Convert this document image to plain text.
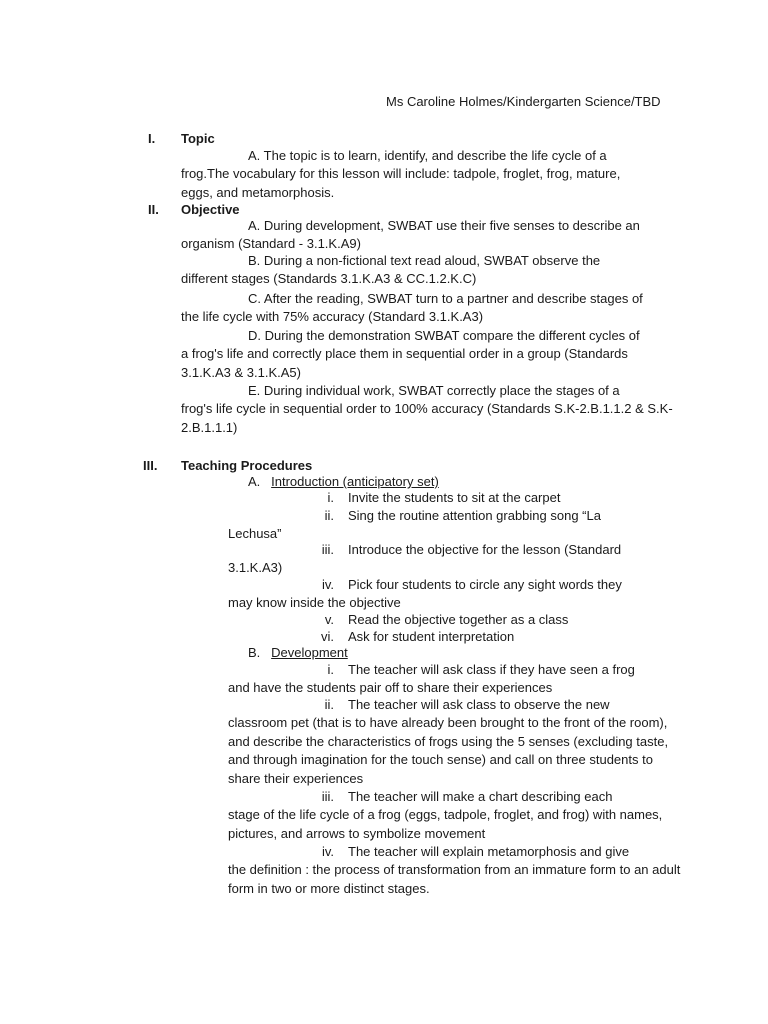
Ms Caroline Holmes/Kindergarten Science/TBD
I.	Topic
A. The topic is to learn, identify, and describe the life cycle of a
frog.The vocabulary for this lesson will include: tadpole, froglet, frog, mature, eggs, and metamorphosis.
II.	Objective
A. During development, SWBAT use their five senses to describe an
organism (Standard - 3.1.K.A9)
B. During a non-fictional text read aloud, SWBAT observe the
different stages (Standards 3.1.K.A3 & CC.1.2.K.C)
C. After the reading, SWBAT turn to a partner and describe stages of
the life cycle with 75% accuracy (Standard 3.1.K.A3)
D. During the demonstration SWBAT compare the different cycles of
a frog's life and correctly place them in sequential order in a group (Standards 3.1.K.A3 & 3.1.K.A5)
E. During individual work, SWBAT correctly place the stages of a
frog's life cycle in sequential order to 100% accuracy (Standards S.K-2.B.1.1.2 & S.K-2.B.1.1.1)
III.	Teaching Procedures
A. Introduction (anticipatory set)
i. Invite the students to sit at the carpet
ii. Sing the routine attention grabbing song “La
Lechusa”
iii. Introduce the objective for the lesson (Standard
3.1.K.A3)
iv. Pick four students to circle any sight words they
may know inside the objective
v. Read the objective together as a class
vi. Ask for student interpretation
B. Development
i. The teacher will ask class if they have seen a frog
and have the students pair off to share their experiences
ii. The teacher will ask class to observe the new
classroom pet (that is to have already been brought to the front of the room), and describe the characteristics of frogs using the 5 senses (excluding taste, and through imagination for the touch sense) and call on three students to share their experiences
iii. The teacher will make a chart describing each
stage of the life cycle of a frog (eggs, tadpole, froglet, and frog) with names, pictures, and arrows to symbolize movement
iv. The teacher will explain metamorphosis and give
the definition : the process of transformation from an immature form to an adult form in two or more distinct stages.
